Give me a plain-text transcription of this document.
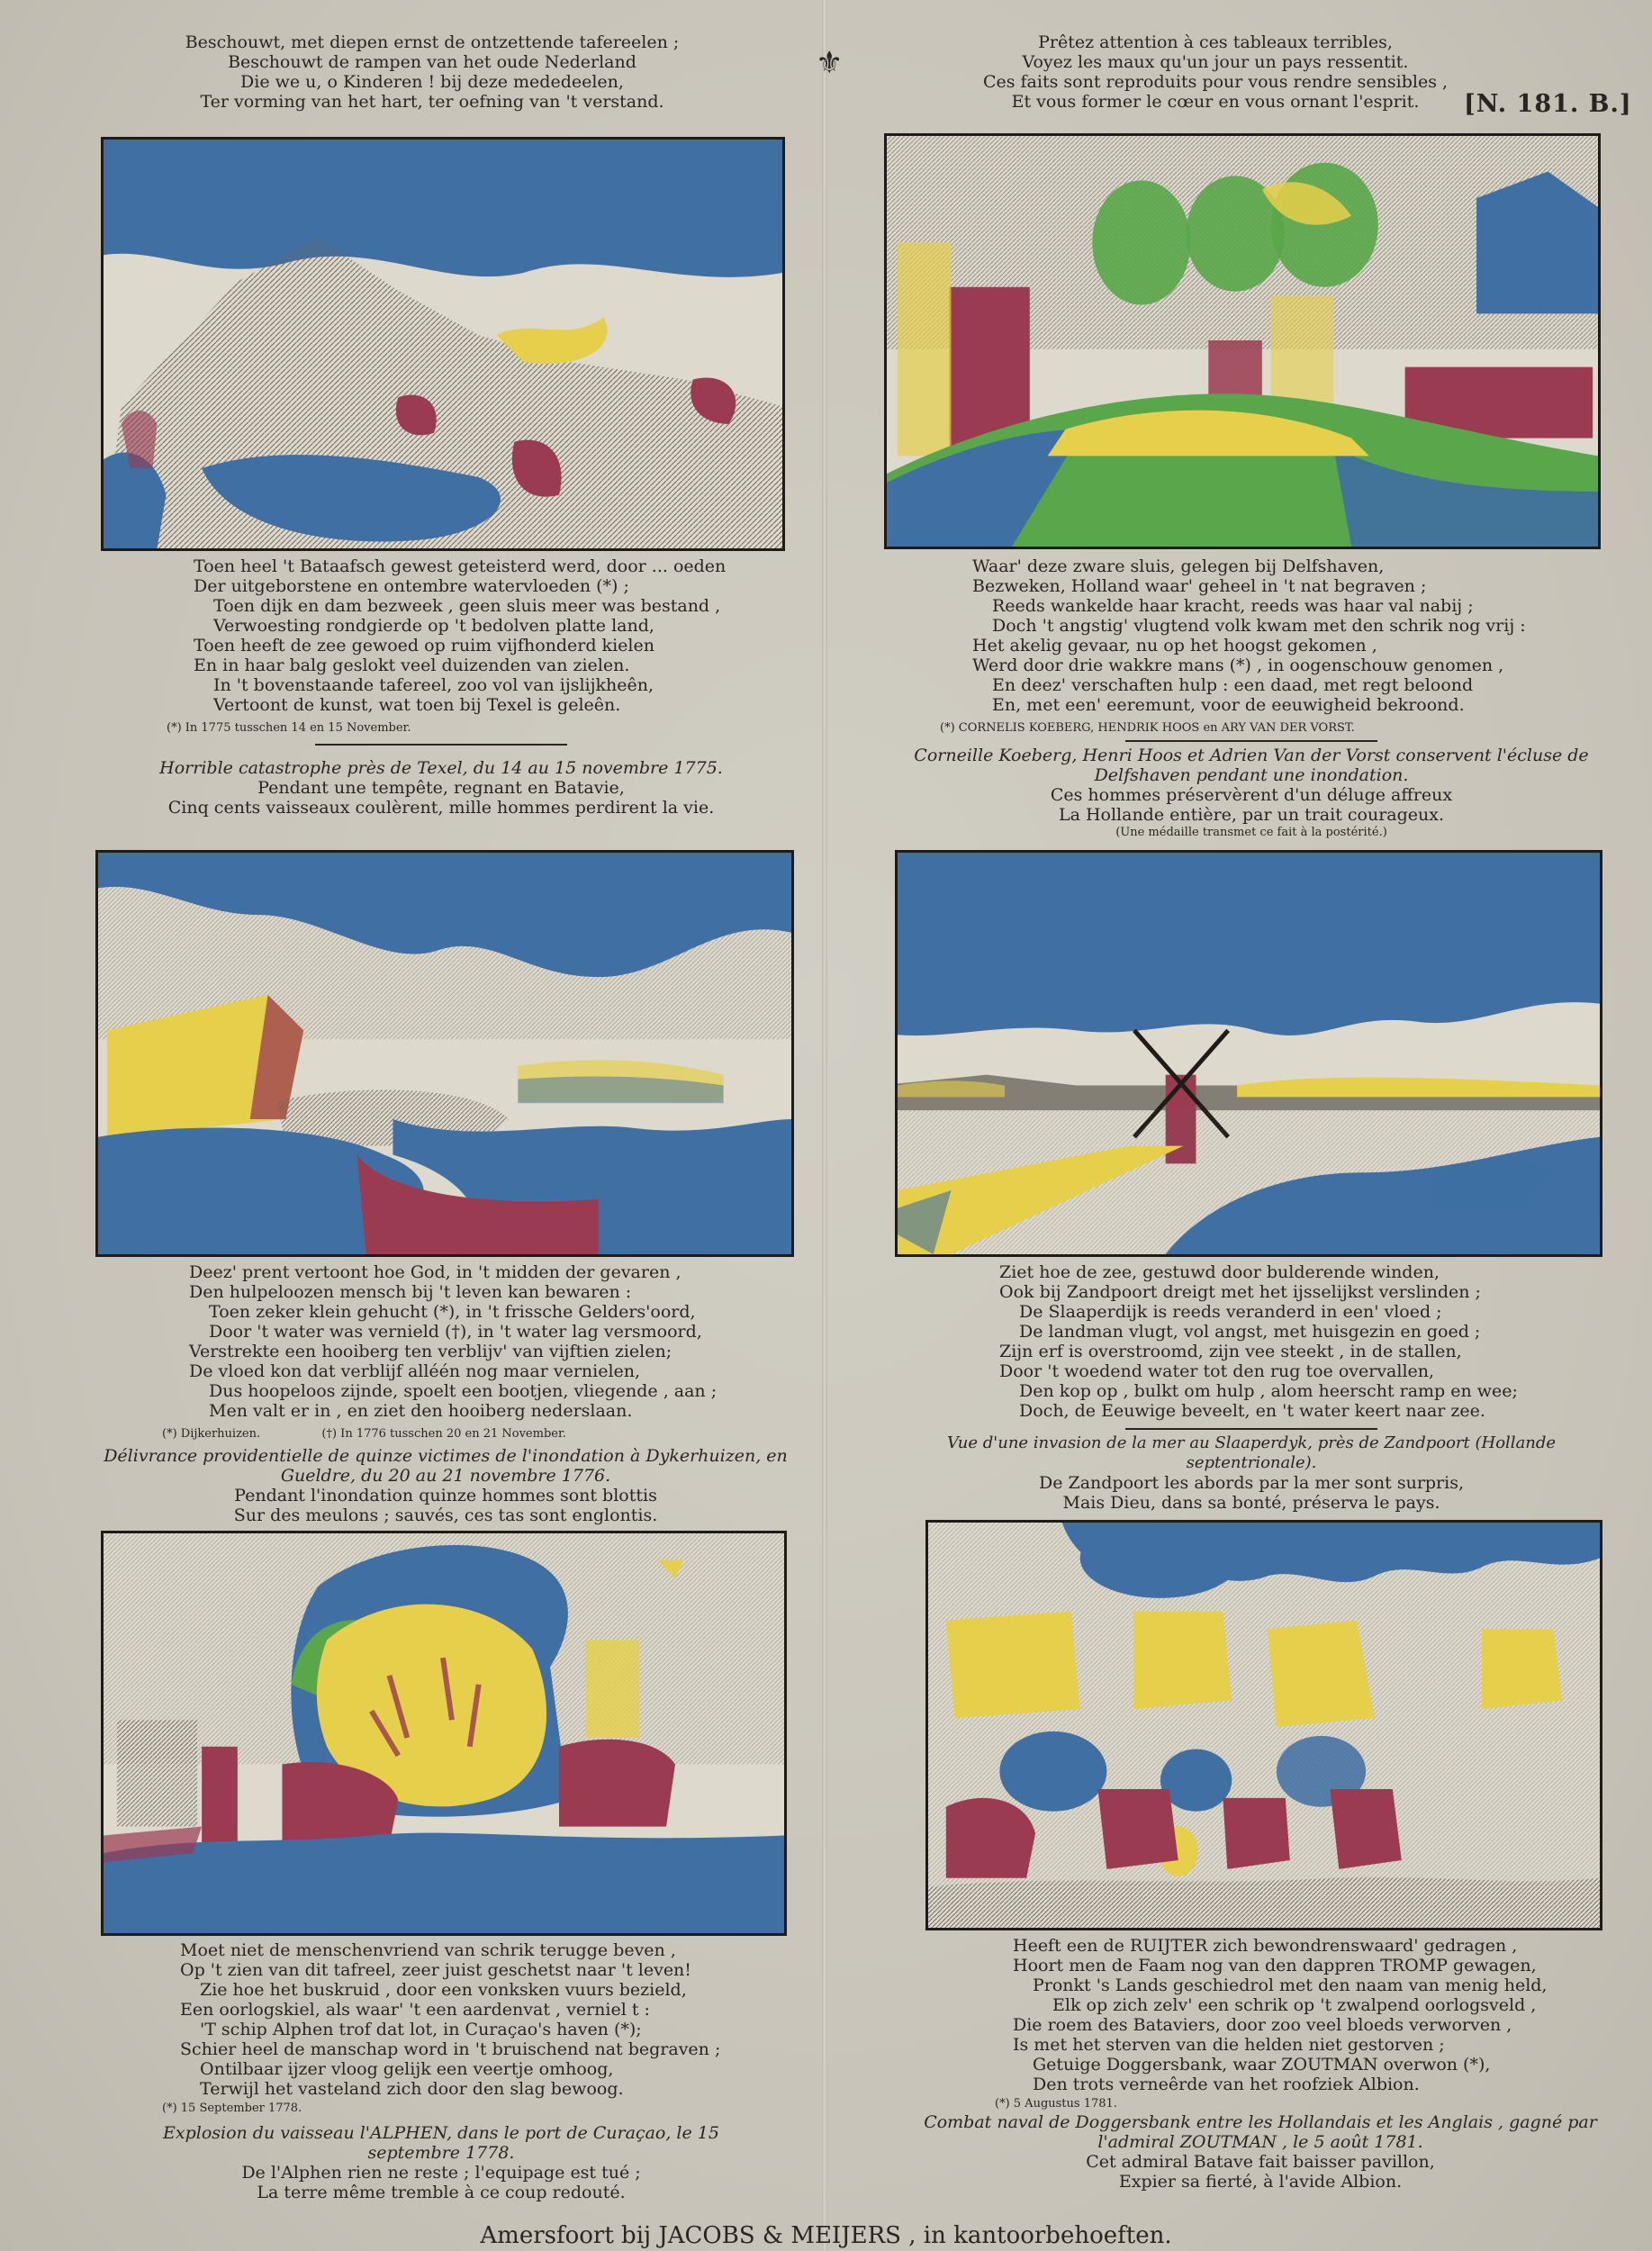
Beschouwt, met diepen ernst de ontzettende tafereelen ;
Beschouwt de rampen van het oude Nederland
Die we u, o Kinderen ! bij deze mededeelen,
Ter vorming van het hart, ter oefning van 't verstand.
⚜
Prêtez attention à ces tableaux terribles,
Voyez les maux qu'un jour un pays ressentit.
Ces faits sont reproduits pour vous rendre sensibles ,
Et vous former le cœur en vous ornant l'esprit.	[N. 181. B.]
Toen heel 't Bataafsch gewest geteisterd werd, door ... oeden
Der uitgeborstene en ontembre watervloeden (*) ;
Toen dijk en dam bezweek , geen sluis meer was bestand ,
Verwoesting rondgierde op 't bedolven platte land,
Toen heeft de zee gewoed op ruim vijfhonderd kielen
En in haar balg geslokt veel duizenden van zielen.
In 't bovenstaande tafereel, zoo vol van ijslijkheên,
Vertoont de kunst, wat toen bij Texel is geleên.
(*) In 1775 tusschen 14 en 15 November.
Horrible catastrophe près de Texel, du 14 au 15 novembre 1775.
Pendant une tempête, regnant en Batavie,
Cinq cents vaisseaux coulèrent, mille hommes perdirent la vie.
Waar' deze zware sluis, gelegen bij Delfshaven,
Bezweken, Holland waar' geheel in 't nat begraven ;
Reeds wankelde haar kracht, reeds was haar val nabij ;
Doch 't angstig' vlugtend volk kwam met den schrik nog vrij :
Het akelig gevaar, nu op het hoogst gekomen ,
Werd door drie wakkre mans (*) , in oogenschouw genomen ,
En deez' verschaften hulp : een daad, met regt beloond
En, met een' eeremunt, voor de eeuwigheid bekroond.
(*) CORNELIS KOEBERG, HENDRIK HOOS en ARY VAN DER VORST.
Corneille Koeberg, Henri Hoos et Adrien Van der Vorst conservent l'écluse de Delfshaven pendant une inondation.
Ces hommes préservèrent d'un déluge affreux
La Hollande entière, par un trait courageux.
(Une médaille transmet ce fait à la postérité.)
Deez' prent vertoont hoe God, in 't midden der gevaren ,
Den hulpeloozen mensch bij 't leven kan bewaren :
Toen zeker klein gehucht (*), in 't frissche Gelders'oord,
Door 't water was vernield (†), in 't water lag versmoord,
Verstrekte een hooiberg ten verblijv' van vijftien zielen;
De vloed kon dat verblijf alléén nog maar vernielen,
Dus hoopeloos zijnde, spoelt een bootjen, vliegende , aan ;
Men valt er in , en ziet den hooiberg nederslaan.
(*) Dijkerhuizen.	(†) In 1776 tusschen 20 en 21 November.
Délivrance providentielle de quinze victimes de l'inondation à Dykerhuizen, en Gueldre, du 20 au 21 novembre 1776.
Pendant l'inondation quinze hommes sont blottis
Sur des meulons ; sauvés, ces tas sont englontis.
Ziet hoe de zee, gestuwd door bulderende winden,
Ook bij Zandpoort dreigt met het ijsselijkst verslinden ;
De Slaaperdijk is reeds veranderd in een' vloed ;
De landman vlugt, vol angst, met huisgezin en goed ;
Zijn erf is overstroomd, zijn vee steekt , in de stallen,
Door 't woedend water tot den rug toe overvallen,
Den kop op , bulkt om hulp , alom heerscht ramp en wee;
Doch, de Eeuwige beveelt, en 't water keert naar zee.
Vue d'une invasion de la mer au Slaaperdyk, près de Zandpoort (Hollande septentrionale).
De Zandpoort les abords par la mer sont surpris,
Mais Dieu, dans sa bonté, préserva le pays.
Moet niet de menschenvriend van schrik terugge beven ,
Op 't zien van dit tafreel, zeer juist geschetst naar 't leven!
Zie hoe het buskruid , door een vonksken vuurs bezield,
Een oorlogskiel, als waar' 't een aardenvat , verniel t :
'T schip Alphen trof dat lot, in Curaçao's haven (*);
Schier heel de manschap word in 't bruischend nat begraven ;
Ontilbaar ijzer vloog gelijk een veertje omhoog,
Terwijl het vasteland zich door den slag bewoog.
(*) 15 September 1778.
Explosion du vaisseau l'ALPHEN, dans le port de Curaçao, le 15 septembre 1778.
De l'Alphen rien ne reste ; l'equipage est tué ;
La terre même tremble à ce coup redouté.
Heeft een de RUIJTER zich bewondrenswaard' gedragen ,
Hoort men de Faam nog van den dappren TROMP gewagen,
Pronkt 's Lands geschiedrol met den naam van menig held,
Elk op zich zelv' een schrik op 't zwalpend oorlogsveld ,
Die roem des Bataviers, door zoo veel bloeds verworven ,
Is met het sterven van die helden niet gestorven ;
Getuige Doggersbank, waar ZOUTMAN overwon (*),
Den trots verneêrde van het roofziek Albion.
(*) 5 Augustus 1781.
Combat naval de Doggersbank entre les Hollandais et les Anglais , gagné par l'admiral ZOUTMAN , le 5 août 1781.
Cet admiral Batave fait baisser pavillon,
Expier sa fierté, à l'avide Albion.
Amersfoort bij JACOBS & MEIJERS , in kantoorbehoeften.
